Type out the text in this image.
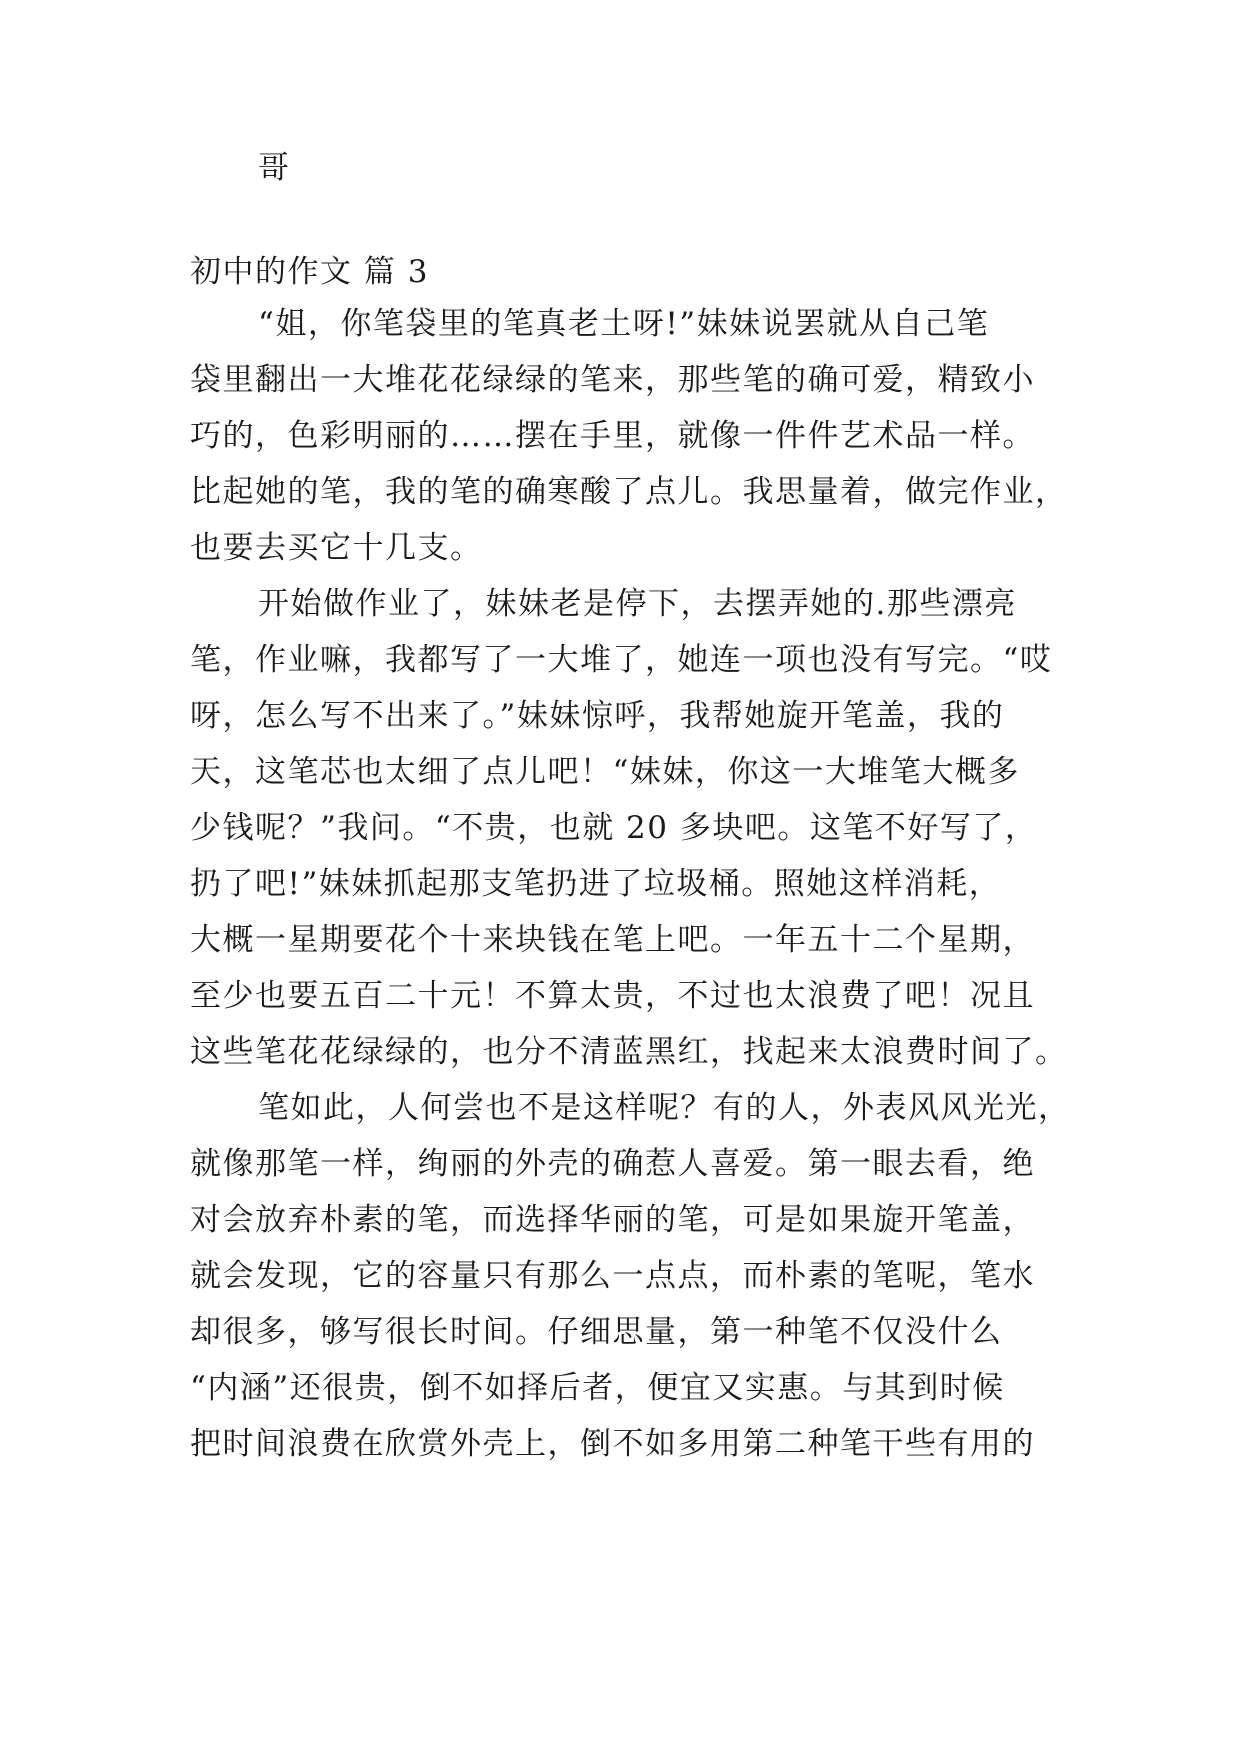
哥
初中的作文 篇 3
“姐，你笔袋里的笔真老土呀!”妹妹说罢就从自己笔
袋里翻出一大堆花花绿绿的笔来，那些笔的确可爱，精致小
巧的，色彩明丽的……摆在手里，就像一件件艺术品一样。
比起她的笔，我的笔的确寒酸了点儿。我思量着，做完作业，
也要去买它十几支。
开始做作业了，妹妹老是停下，去摆弄她的.那些漂亮
笔，作业嘛，我都写了一大堆了，她连一项也没有写完。“哎
呀，怎么写不出来了。”妹妹惊呼，我帮她旋开笔盖，我的
天，这笔芯也太细了点儿吧！“妹妹，你这一大堆笔大概多
少钱呢？”我问。“不贵，也就 20 多块吧。这笔不好写了，
扔了吧!”妹妹抓起那支笔扔进了垃圾桶。照她这样消耗，
大概一星期要花个十来块钱在笔上吧。一年五十二个星期，
至少也要五百二十元！不算太贵，不过也太浪费了吧！况且
这些笔花花绿绿的，也分不清蓝黑红，找起来太浪费时间了。
笔如此，人何尝也不是这样呢？有的人，外表风风光光，
就像那笔一样，绚丽的外壳的确惹人喜爱。第一眼去看，绝
对会放弃朴素的笔，而选择华丽的笔，可是如果旋开笔盖，
就会发现，它的容量只有那么一点点，而朴素的笔呢，笔水
却很多，够写很长时间。仔细思量，第一种笔不仅没什么
“内涵”还很贵，倒不如择后者，便宜又实惠。与其到时候
把时间浪费在欣赏外壳上，倒不如多用第二种笔干些有用的
